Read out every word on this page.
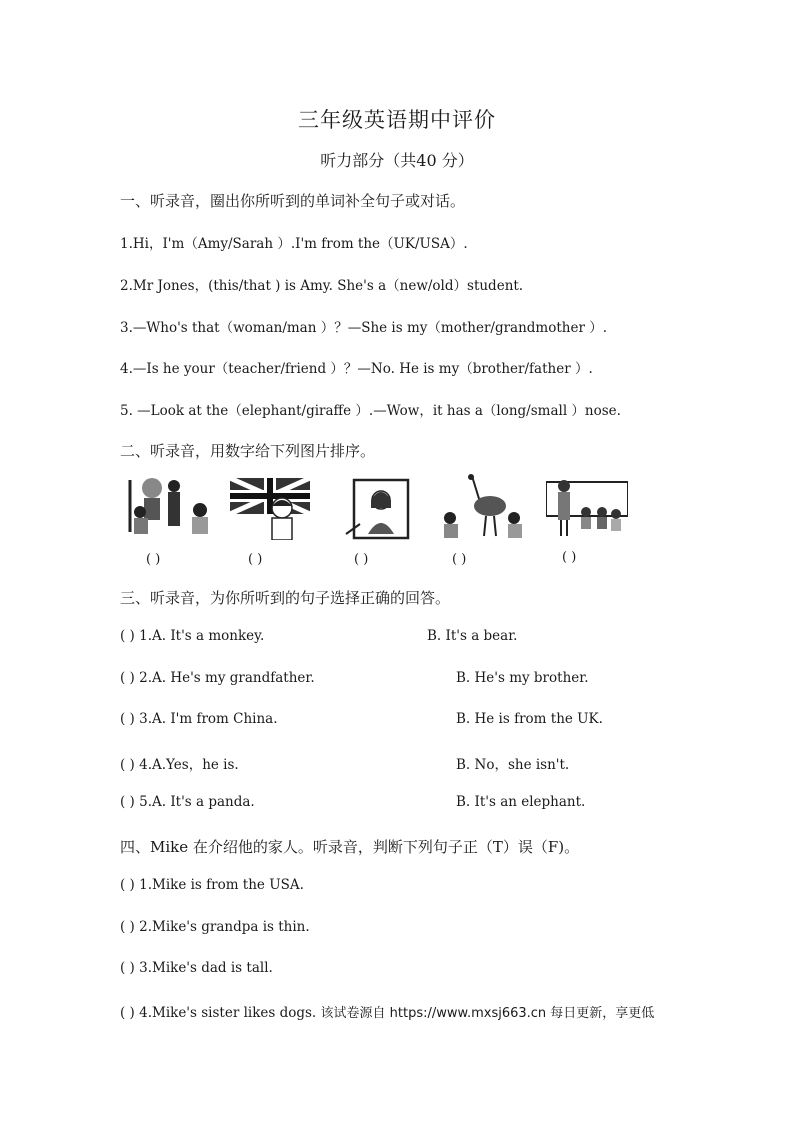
三年级英语期中评价
听力部分（共40 分）
一、听录音，圈出你所听到的单词补全句子或对话。
1.Hi，I'm（Amy/Sarah ）.I'm from the（UK/USA）.
2.Mr Jones，(this/that ) is Amy. She's a（new/old）student.
3.—Who's that（woman/man ）？—She is my（mother/grandmother ）.
4.—Is he your（teacher/friend ）？—No. He is my（brother/father ）.
5. —Look at the（elephant/giraffe ）.—Wow，it has a（long/small ）nose.
二、听录音，用数字给下列图片排序。
( )	( )	( )	( )	( )
三、听录音，为你所听到的句子选择正确的回答。
( ) 1.A. It's a monkey.	B. It's a bear.
( ) 2.A. He's my grandfather.	B. He's my brother.
( ) 3.A. I'm from China.	B. He is from the UK.
( ) 4.A.Yes，he is.	B. No，she isn't.
( ) 5.A. It's a panda.	B. It's an elephant.
四、Mike 在介绍他的家人。听录音，判断下列句子正（T）误（F)。
( ) 1.Mike is from the USA.
( ) 2.Mike's grandpa is thin.
( ) 3.Mike's dad is tall.
( ) 4.Mike's sister likes dogs. 该试卷源自 https://www.mxsj663.cn 每日更新，享更低
